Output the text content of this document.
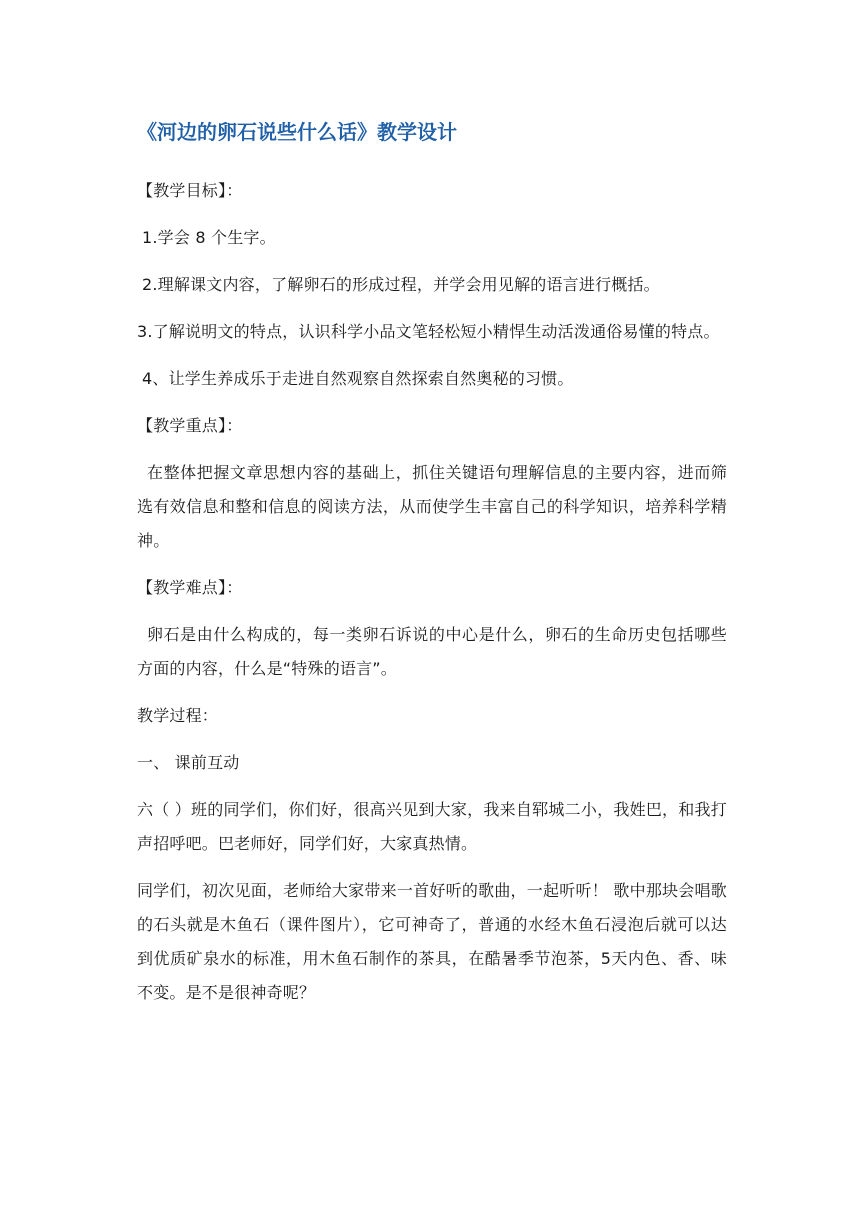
《河边的卵石说些什么话》教学设计
【教学目标】：
1.学会 8 个生字。
2.理解课文内容，了解卵石的形成过程，并学会用见解的语言进行概括。
3.了解说明文的特点，认识科学小品文笔轻松短小精悍生动活泼通俗易懂的特点。
4、让学生养成乐于走进自然观察自然探索自然奥秘的习惯。
【教学重点】：
在整体把握文章思想内容的基础上，抓住关键语句理解信息的主要内容，进而筛选有效信息和整和信息的阅读方法，从而使学生丰富自己的科学知识，培养科学精神。
【教学难点】：
卵石是由什么构成的，每一类卵石诉说的中心是什么，卵石的生命历史包括哪些方面的内容，什么是“特殊的语言”。
教学过程：
一、 课前互动
六（ ）班的同学们，你们好，很高兴见到大家，我来自郓城二小，我姓巴，和我打声招呼吧。巴老师好，同学们好，大家真热情。
同学们，初次见面，老师给大家带来一首好听的歌曲，一起听听！ 歌中那块会唱歌的石头就是木鱼石（课件图片），它可神奇了，普通的水经木鱼石浸泡后就可以达到优质矿泉水的标准，用木鱼石制作的茶具，在酷暑季节泡茶，5天内色、香、味不变。是不是很神奇呢？
